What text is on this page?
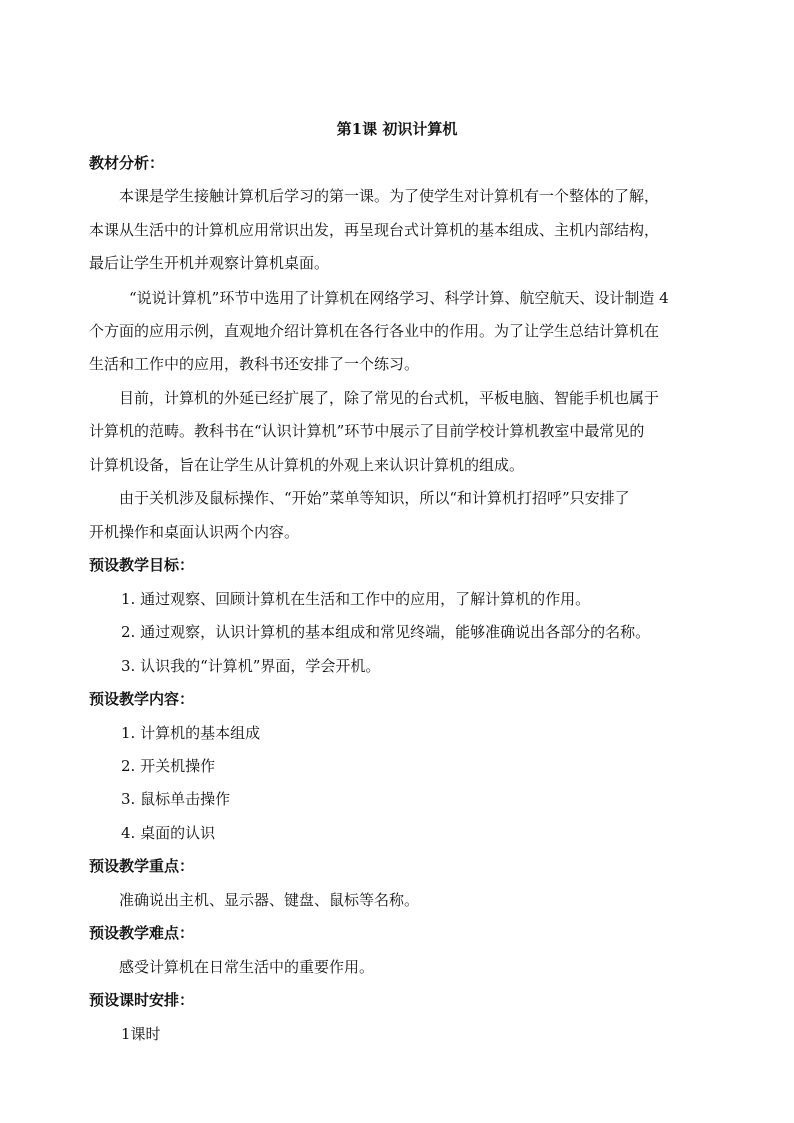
第1课 初识计算机
教材分析：
本课是学生接触计算机后学习的第一课。为了使学生对计算机有一个整体的了解，
本课从生活中的计算机应用常识出发，再呈现台式计算机的基本组成、主机内部结构，
最后让学生开机并观察计算机桌面。
“说说计算机”环节中选用了计算机在网络学习、科学计算、航空航天、设计制造 4
个方面的应用示例，直观地介绍计算机在各行各业中的作用。为了让学生总结计算机在
生活和工作中的应用，教科书还安排了一个练习。
目前，计算机的外延已经扩展了，除了常见的台式机，平板电脑、智能手机也属于
计算机的范畴。教科书在“认识计算机”环节中展示了目前学校计算机教室中最常见的
计算机设备，旨在让学生从计算机的外观上来认识计算机的组成。
由于关机涉及鼠标操作、“开始”菜单等知识，所以“和计算机打招呼”只安排了
开机操作和桌面认识两个内容。
预设教学目标：
1. 通过观察、回顾计算机在生活和工作中的应用，了解计算机的作用。
2. 通过观察，认识计算机的基本组成和常见终端，能够准确说出各部分的名称。
3. 认识我的“计算机”界面，学会开机。
预设教学内容：
1. 计算机的基本组成
2. 开关机操作
3. 鼠标单击操作
4. 桌面的认识
预设教学重点：
准确说出主机、显示器、键盘、鼠标等名称。
预设教学难点：
感受计算机在日常生活中的重要作用。
预设课时安排：
1课时
